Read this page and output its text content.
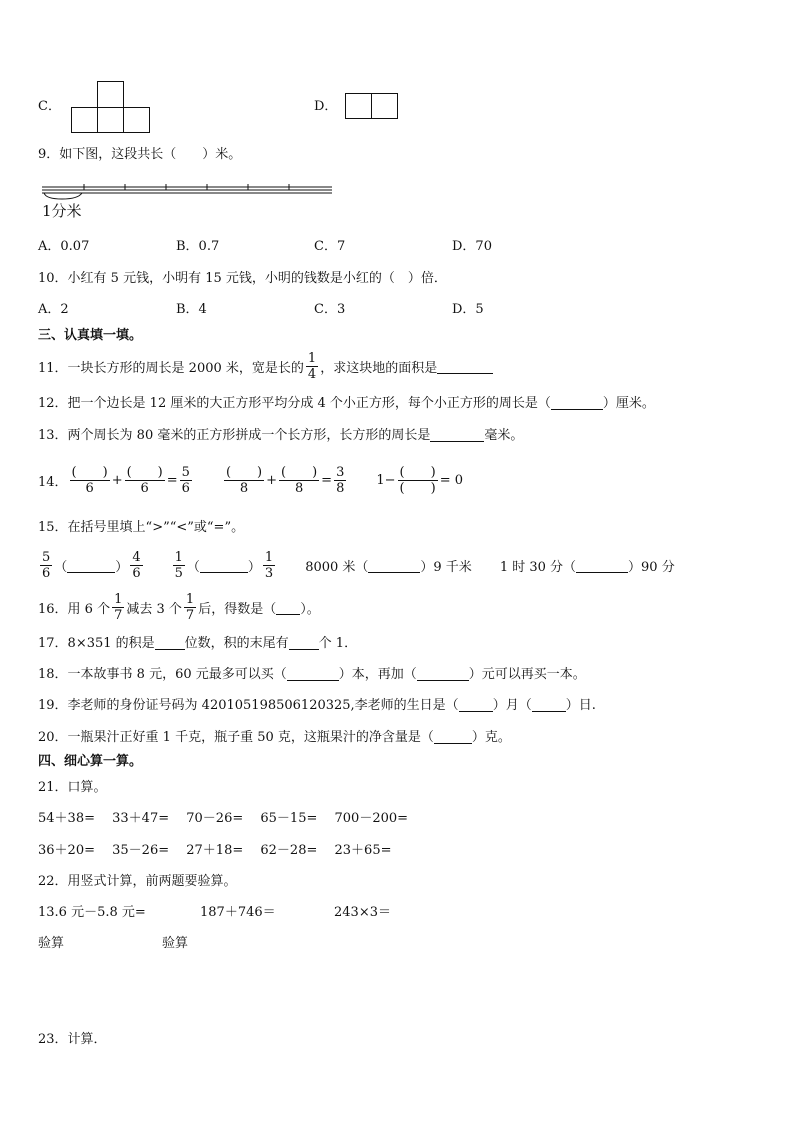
C．	D．
9．如下图，这段共长（　　）米。
1分米
A．0.07	B．0.7	C．7	D．70
10．小红有 5 元钱，小明有 15 元钱，小明的钱数是小红的（　）倍．
A．2	B．4	C．3	D．5
三、认真填一填。
11．一块长方形的周长是 2000 米，宽是长的 $\frac{1}{4}$ ，求这块地的面积是
12．把一个边长是 12 厘米的大正方形平均分成 4 个小正方形，每个小正方形的周长是（	）厘米。
13．两个周长为 80 毫米的正方形拼成一个长方形，长方形的周长是	毫米。
14． $\frac{( )}{6} + \frac{( )}{6} = \frac{5}{6} \frac{( )}{8} + \frac{( )}{8} = \frac{3}{8} 1- \frac{( )}{( )} = 0$
15．在括号里填上“>”“<”或“=”。
$\frac{5}{6}$ （	） $\frac{4}{6} \frac{1}{5}$ （	） $\frac{1}{3} 8000$ 米（	）9 千米 1 时 30 分（	）90 分
16．用 6 个 $\frac{1}{7}$ 减去 3 个 $\frac{1}{7}$ 后，得数是（ ）。
17．8×351 的积是 位数，积的末尾有 个 1．
18．一本故事书 8 元，60 元最多可以买（	）本，再加（	）元可以再买一本。
19．李老师的身份证号码为 420105198506120325,李老师的生日是（	）月（	）日.
20．一瓶果汁正好重 1 千克，瓶子重 50 克，这瓶果汁的净含量是（	）克。
四、细心算一算。
21．口算。
54＋38=  33＋47=  70－26=  65－15=  700－200=
36＋20=  35－26=  27＋18=  62－28=  23＋65=
22．用竖式计算，前两题要验算。
13.6 元－5.8 元=	187＋746＝	243×3＝
验算	验算
23．计算．
